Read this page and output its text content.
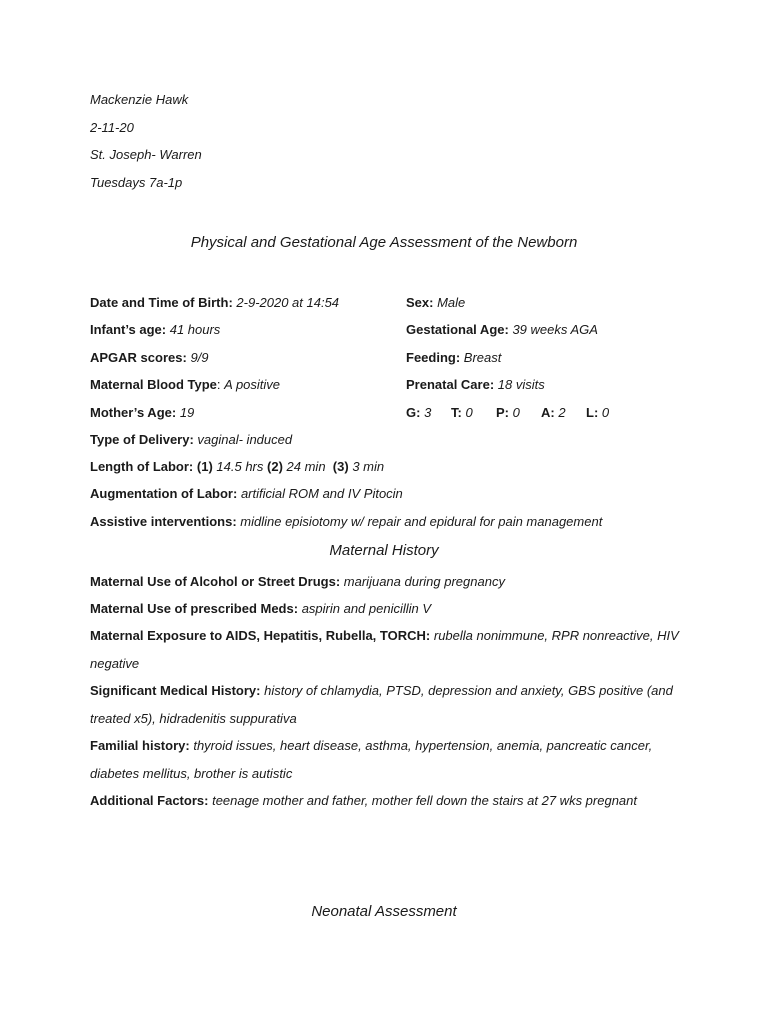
Mackenzie Hawk
2-11-20
St. Joseph- Warren
Tuesdays 7a-1p
Physical and Gestational Age Assessment of the Newborn
Date and Time of Birth: 2-9-2020 at 14:54
Infant’s age: 41 hours
APGAR scores: 9/9
Maternal Blood Type: A positive
Mother’s Age: 19
Sex: Male
Gestational Age: 39 weeks AGA
Feeding: Breast
Prenatal Care: 18 visits
G: 3 T: 0 P: 0 A: 2 L: 0
Type of Delivery: vaginal- induced
Length of Labor: (1) 14.5 hrs (2) 24 min (3) 3 min
Augmentation of Labor: artificial ROM and IV Pitocin
Assistive interventions: midline episiotomy w/ repair and epidural for pain management
Maternal History
Maternal Use of Alcohol or Street Drugs: marijuana during pregnancy
Maternal Use of prescribed Meds: aspirin and penicillin V
Maternal Exposure to AIDS, Hepatitis, Rubella, TORCH: rubella nonimmune, RPR nonreactive, HIV negative
Significant Medical History: history of chlamydia, PTSD, depression and anxiety, GBS positive (and treated x5), hidradenitis suppurativa
Familial history: thyroid issues, heart disease, asthma, hypertension, anemia, pancreatic cancer, diabetes mellitus, brother is autistic
Additional Factors: teenage mother and father, mother fell down the stairs at 27 wks pregnant
Neonatal Assessment
